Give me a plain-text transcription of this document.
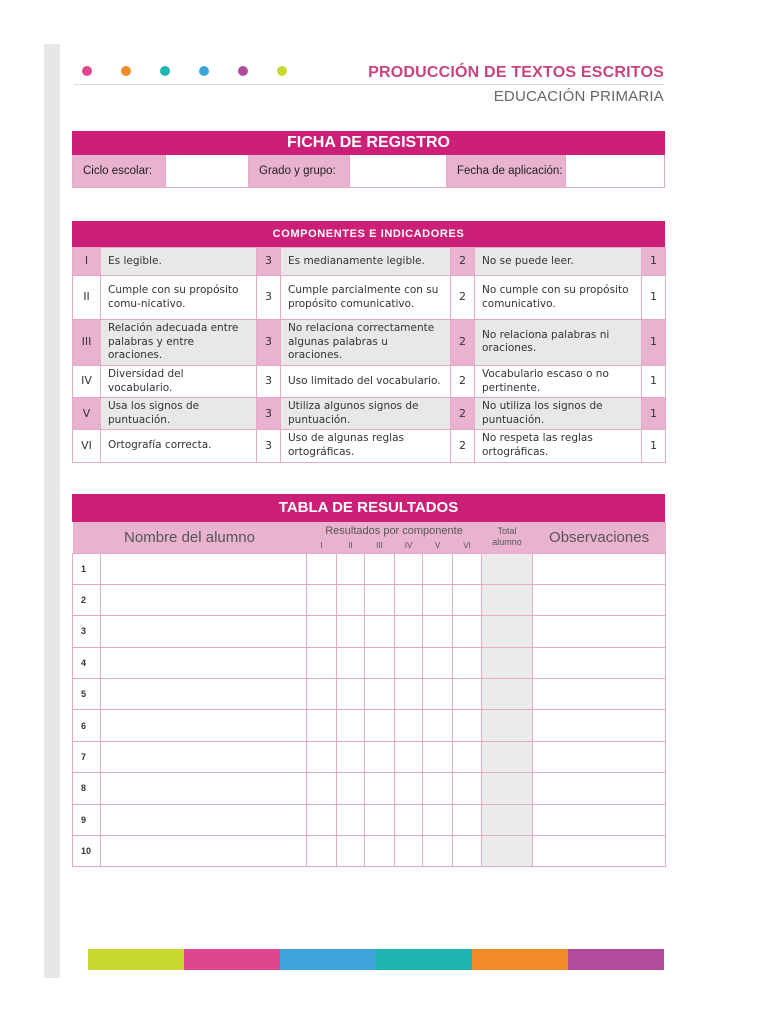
PRODUCCIÓN DE TEXTOS ESCRITOS
EDUCACIÓN PRIMARIA
FICHA DE REGISTRO
Ciclo escolar:	Grado y grupo:	Fecha de aplicación:
COMPONENTES E INDICADORES
I	Es legible.	3	Es medianamente legible.	2	No se puede leer.	1
II	Cumple con su propósito comu-nicativo.	3	Cumple parcialmente con su propósito comunicativo.	2	No cumple con su propósito comunicativo.	1
III	Relación adecuada entre palabras y entre oraciones.	3	No relaciona correctamente algunas palabras u oraciones.	2	No relaciona palabras ni oraciones.	1
IV	Diversidad del vocabulario.	3	Uso limitado del vocabulario.	2	Vocabulario escaso o no pertinente.	1
V	Usa los signos de puntuación.	3	Utiliza algunos signos de puntuación.	2	No utiliza los signos de puntuación.	1
VI	Ortografía correcta.	3	Uso de algunas reglas ortográficas.	2	No respeta las reglas ortográficas.	1
TABLA DE RESULTADOS
Nombre del alumno		Resultados por componente						Total alumno	Observaciones
		I	II	III	IV	V	VI		
1									
2									
3									
4									
5									
6									
7									
8									
9									
10									
